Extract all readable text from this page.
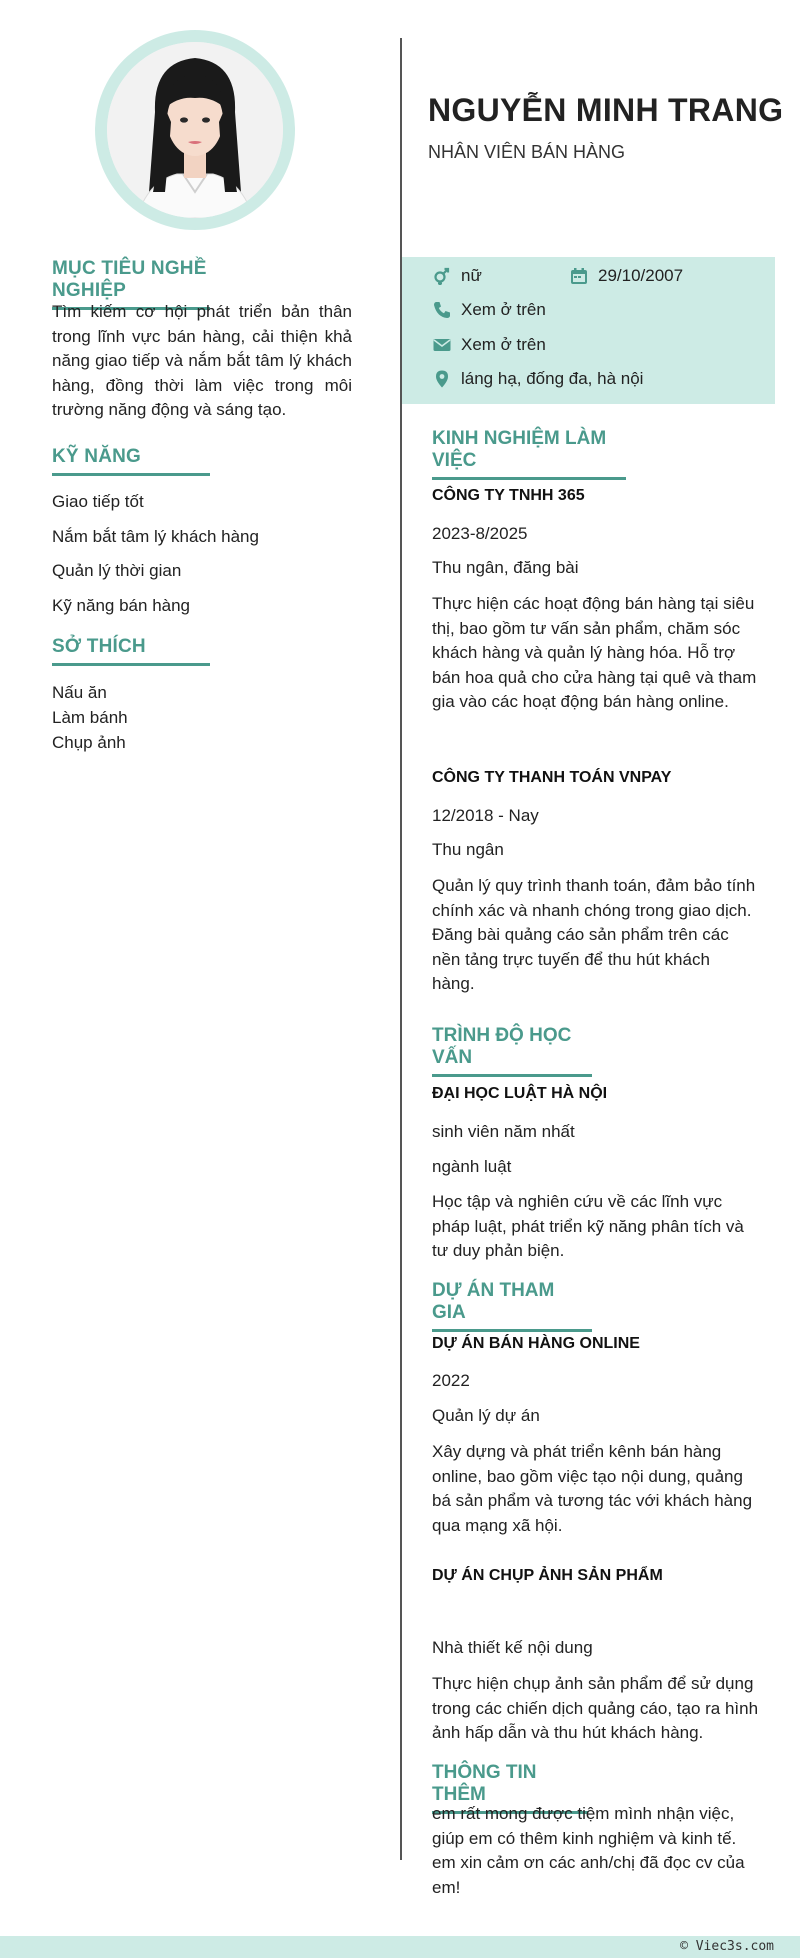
MỤC TIÊU NGHỀ NGHIỆP
Tìm kiếm cơ hội phát triển bản thân trong lĩnh vực bán hàng, cải thiện khả năng giao tiếp và nắm bắt tâm lý khách hàng, đồng thời làm việc trong môi trường năng động và sáng tạo.
KỸ NĂNG
Giao tiếp tốt
Nắm bắt tâm lý khách hàng
Quản lý thời gian
Kỹ năng bán hàng
SỞ THÍCH
Nấu ăn
Làm bánh
Chụp ảnh
NGUYỄN MINH TRANG
NHÂN VIÊN BÁN HÀNG
nữ	29/10/2007
Xem ở trên
Xem ở trên
láng hạ, đống đa, hà nội
KINH NGHIỆM LÀM VIỆC
CÔNG TY TNHH 365
2023-8/2025
Thu ngân, đăng bài
Thực hiện các hoạt động bán hàng tại siêu thị, bao gồm tư vấn sản phẩm, chăm sóc khách hàng và quản lý hàng hóa. Hỗ trợ bán hoa quả cho cửa hàng tại quê và tham gia vào các hoạt động bán hàng online.
CÔNG TY THANH TOÁN VNPAY
12/2018 - Nay
Thu ngân
Quản lý quy trình thanh toán, đảm bảo tính chính xác và nhanh chóng trong giao dịch. Đăng bài quảng cáo sản phẩm trên các nền tảng trực tuyến để thu hút khách hàng.
TRÌNH ĐỘ HỌC VẤN
ĐẠI HỌC LUẬT HÀ NỘI
sinh viên năm nhất
ngành luật
Học tập và nghiên cứu về các lĩnh vực pháp luật, phát triển kỹ năng phân tích và tư duy phản biện.
DỰ ÁN THAM GIA
DỰ ÁN BÁN HÀNG ONLINE
2022
Quản lý dự án
Xây dựng và phát triển kênh bán hàng online, bao gồm việc tạo nội dung, quảng bá sản phẩm và tương tác với khách hàng qua mạng xã hội.
DỰ ÁN CHỤP ẢNH SẢN PHẨM
Nhà thiết kế nội dung
Thực hiện chụp ảnh sản phẩm để sử dụng trong các chiến dịch quảng cáo, tạo ra hình ảnh hấp dẫn và thu hút khách hàng.
THÔNG TIN THÊM
em rất mong được tiệm mình nhận việc, giúp em có thêm kinh nghiệm và kinh tế. em xin cảm ơn các anh/chị đã đọc cv của em!
© Viec3s.com
